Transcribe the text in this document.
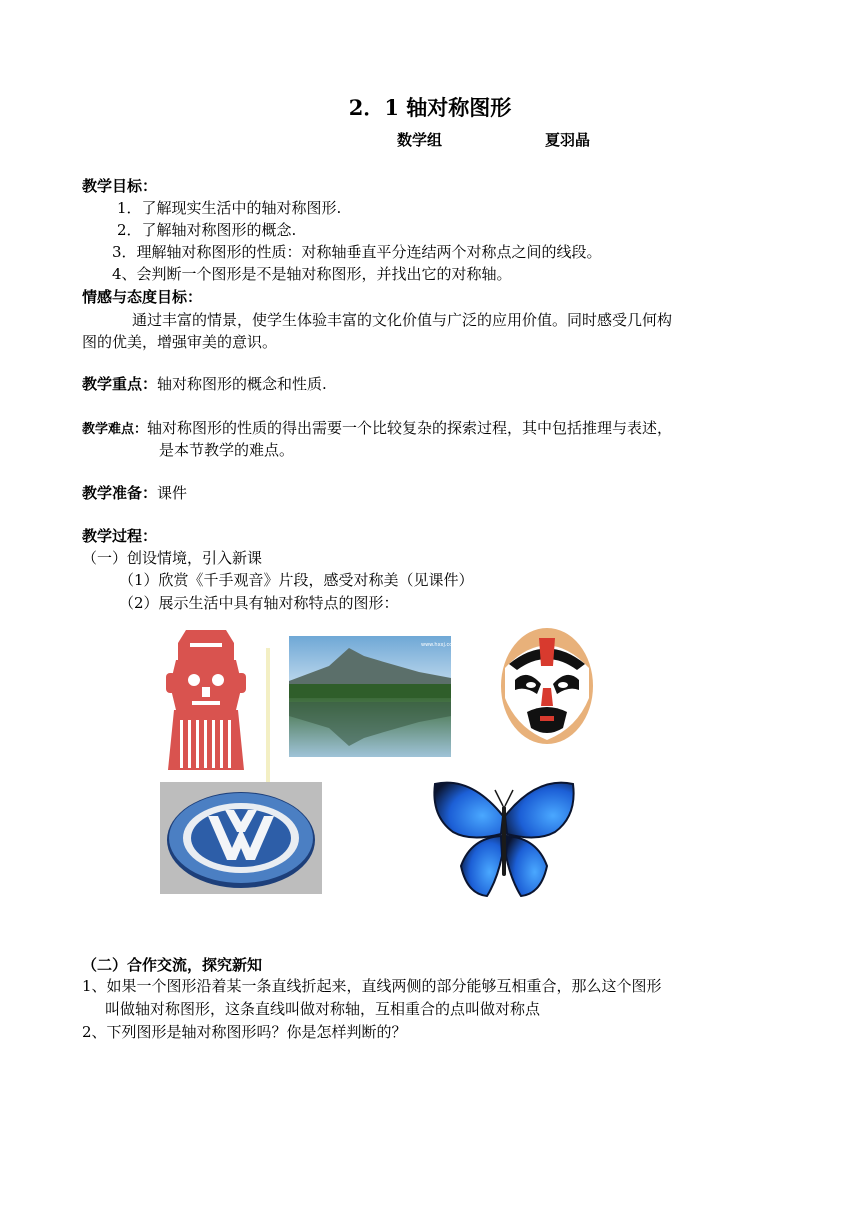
2．1 轴对称图形
数学组	夏羽晶
教学目标：
1．了解现实生活中的轴对称图形.
2．了解轴对称图形的概念.
3．理解轴对称图形的性质：对称轴垂直平分连结两个对称点之间的线段。
4、会判断一个图形是不是轴对称图形，并找出它的对称轴。
情感与态度目标：
通过丰富的情景，使学生体验丰富的文化价值与广泛的应用价值。同时感受几何构
图的优美，增强审美的意识。
教学重点：轴对称图形的概念和性质.
教学难点：轴对称图形的性质的得出需要一个比较复杂的探索过程，其中包括推理与表述，
是本节教学的难点。
教学准备：课件
教学过程：
（一）创设情境，引入新课
（1）欣赏《千手观音》片段，感受对称美（见课件）
（2）展示生活中具有轴对称特点的图形：
www.hxxj.com
（二）合作交流，探究新知
1、如果一个图形沿着某一条直线折起来，直线两侧的部分能够互相重合，那么这个图形
叫做轴对称图形，这条直线叫做对称轴，互相重合的点叫做对称点
2、下列图形是轴对称图形吗？你是怎样判断的？
